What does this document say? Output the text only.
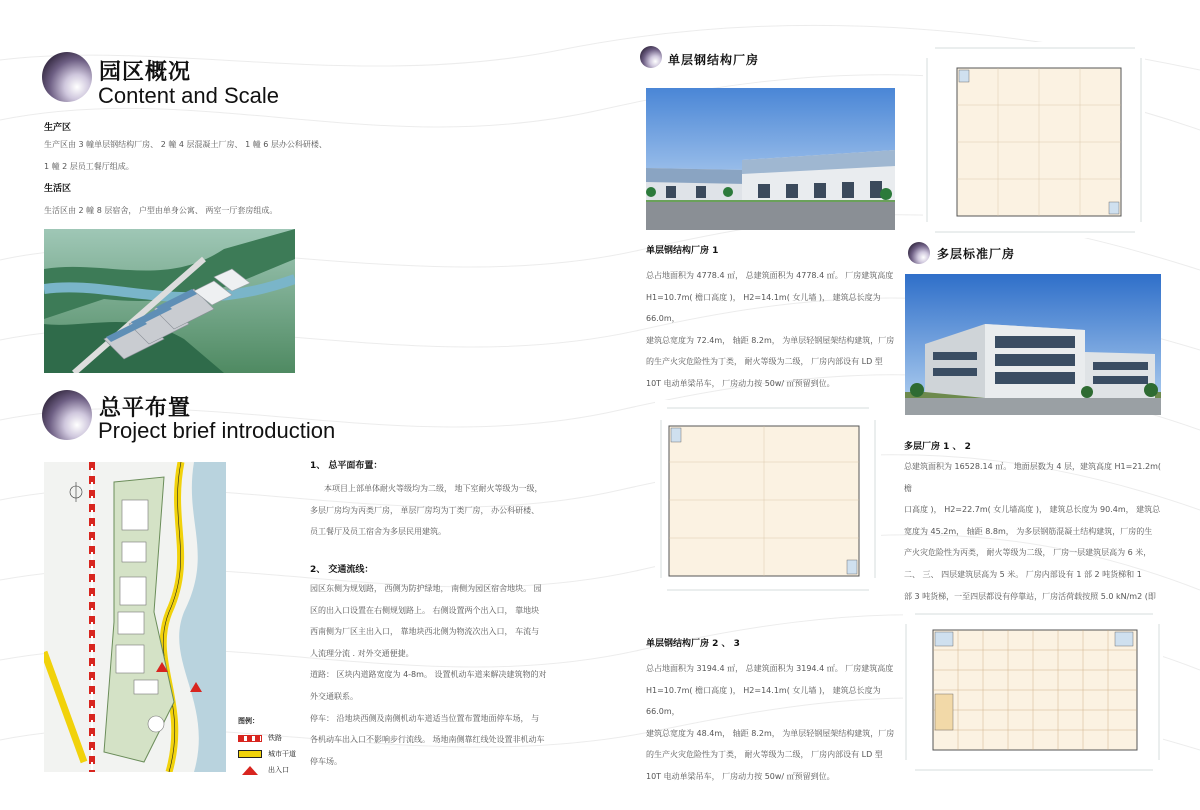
园区概况
Content and Scale
生产区
生产区由 3 幢单层钢结构厂房、 2 幢 4 层混凝土厂房、 1 幢 6 层办公科研楼、
1 幢 2 层员工餐厅组成。
生活区
生活区由 2 幢 8 层宿舍， 户型由单身公寓、 两室一厅套房组成。
总平布置
Project brief introduction
图例：
铁路
城市干道
出入口
1、 总平面布置：
本项目上部单体耐火等级均为二级， 地下室耐火等级为一级，
多层厂房均为丙类厂房， 单层厂房均为丁类厂房， 办公科研楼、
员工餐厅及员工宿舍为多层民用建筑。
2、 交通流线：
园区东侧为规划路， 西侧为防护绿地， 南侧为园区宿舍地块。 园
区的出入口设置在右侧规划路上。 右侧设置两个出入口， 靠地块
西南侧为厂区主出入口， 靠地块西北侧为物流次出入口， 车流与
人流理分流 . 对外交通便捷。
道路： 区块内道路宽度为 4-8m。 设置机动车道来解决建筑物的对
外交通联系。
停车： 沿地块西侧及南侧机动车道适当位置布置地面停车场， 与
各机动车出入口不影响步行流线。 场地南侧靠红线处设置非机动车
停车场。
单层钢结构厂房
单层钢结构厂房 1
总占地面积为 4778.4 ㎡， 总建筑面积为 4778.4 ㎡。 厂房建筑高度
H1=10.7m( 檐口高度 )， H2=14.1m( 女儿墙 )， 建筑总长度为 66.0m，
建筑总宽度为 72.4m， 轴距 8.2m， 为单层轻钢屋架结构建筑，厂房
的生产火灾危险性为丁类， 耐火等级为二级， 厂房内部设有 LD 型
10T 电动单梁吊车， 厂房动力按 50w/ ㎡预留到位。
单层钢结构厂房 2 、 3
总占地面积为 3194.4 ㎡， 总建筑面积为 3194.4 ㎡。 厂房建筑高度
H1=10.7m( 檐口高度 )， H2=14.1m( 女儿墙 )， 建筑总长度为 66.0m，
建筑总宽度为 48.4m， 轴距 8.2m， 为单层轻钢屋架结构建筑，厂房
的生产火灾危险性为丁类， 耐火等级为二级， 厂房内部设有 LD 型
10T 电动单梁吊车， 厂房动力按 50w/ ㎡预留到位。
多层标准厂房
多层厂房 1 、 2
总建筑面积为 16528.14 ㎡。 地面层数为 4 层，建筑高度 H1=21.2m( 檐
口高度 )， H2=22.7m( 女儿墙高度 )， 建筑总长度为 90.4m， 建筑总
宽度为 45.2m， 轴距 8.8m， 为多层钢筋混凝土结构建筑，厂房的生
产火灾危险性为丙类， 耐火等级为二级， 厂房一层建筑层高为 6 米，
二、 三、 四层建筑层高为 5 米。 厂房内部设有 1 部 2 吨货梯和 1
部 3 吨货梯，一至四层都设有停靠站，厂房活荷载按照 5.0 kN/m2 (即
